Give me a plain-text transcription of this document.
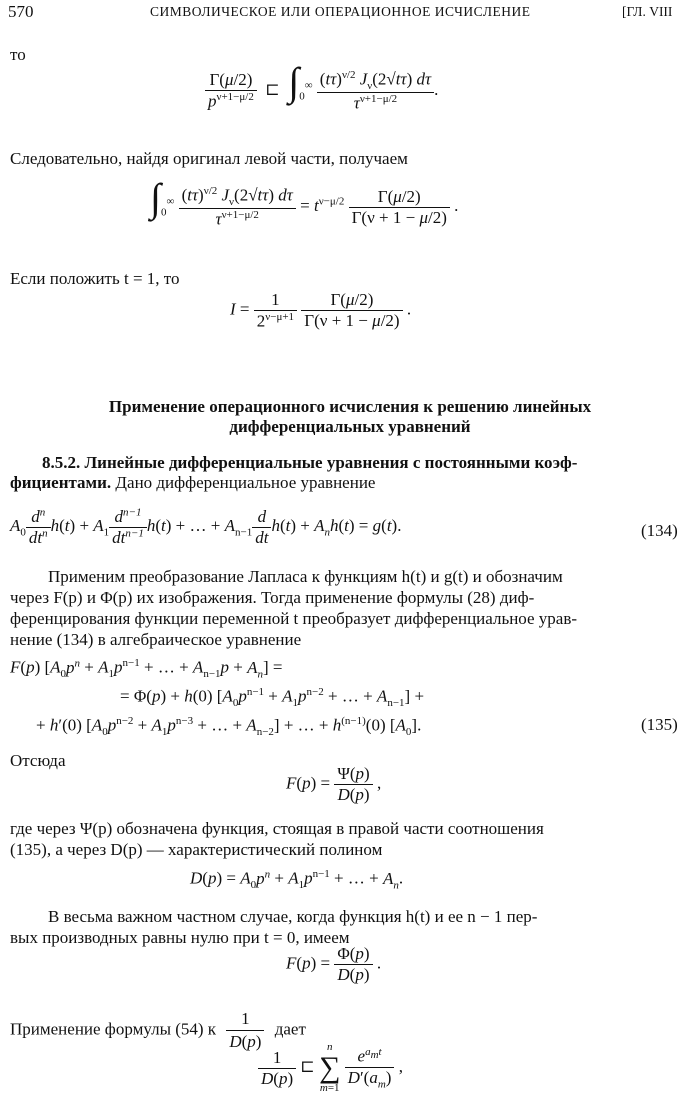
570	СИМВОЛИЧЕСКОЕ ИЛИ ОПЕРАЦИОННОЕ ИСЧИСЛЕНИЕ	[ГЛ. VIII
то
$\frac{\Gamma(\mu/2)}{p^{\nu+1-\mu/2}}$ ⊏  $\int_0^\infty \frac{(t\tau)^{\nu/2} J_\nu(2√t\tau) d\tau}{\tau^{\nu+1-\mu/2}}$ .
Следовательно, найдя оригинал левой части, получаем
$\int_0^\infty \frac{(t\tau)^{\nu/2} J_\nu(2√t\tau) d\tau}{\tau^{\nu+1-\mu/2}} = t^{\nu-\mu/2} \frac{\Gamma(\mu/2)}{\Gamma(\nu + 1 - \mu/2)}$ .
Если положить t = 1, то
$I = \frac{1}{2^{\nu-\mu+1}}$
$\frac{\Gamma(\mu/2)}{\Gamma(\nu + 1 - \mu/2)}$ .
Применение операционного исчисления к решению линейных
дифференциальных уравнений
8.5.2. Линейные дифференциальные уравнения с постоянными коэф-
фициентами. Дано дифференциальное уравнение
$A_0 \frac{d^n}{dt^n} h(t) + A_1 \frac{d^{n-1}}{dt^{n-1}} h(t)$ + … + $A_{n-1} \frac{d}{dt} h(t) + A_nh(t) = g(t)$.	(134)
Применим преобразование Лапласа к функциям h(t) и g(t) и обозначим
через F(p) и Φ(p) их изображения. Тогда применение формулы (28) диф-
ференцирования функции переменной t преобразует дифференциальное урав-
нение (134) в алгебраическое уравнение
F(p) [$A_0p^n + A_1p^{n-1}$ + … + $A_{n-1}p + A_n$] =
= Φ(p) + h(0) [$A_0p^{n-1} + A_1p^{n-2}$ + … + $A_{n-1}$] +
+ h′(0) [$A_0p^{n-2} + A_1p^{n-3}$ + … + $A_{n-2}$] + … + $h^{(n-1)}(0)$ $[A_0]$.	(135)
Отсюда
$F(p) = \frac{\Psi(p)}{D(p)}$ ,
где через Ψ(p) обозначена функция, стоящая в правой части соотношения
(135), а через D(p) — характеристический полином
$D(p) = A_0p^n + A_1p^{n-1}$ + … + $A_n$.
В весьма важном частном случае, когда функция h(t) и ее n − 1 пер-
вых производных равны нулю при t = 0, имеем
$F(p) = \frac{\Phi(p)}{D(p)}$ .
Применение формулы (54) к $\frac{1}{D(p)}$ дает
$\frac{1}{D(p)}$ ⊏
n
∑
m=1
$\frac{e^{a_mt}}{D'(a_m)}$ ,
